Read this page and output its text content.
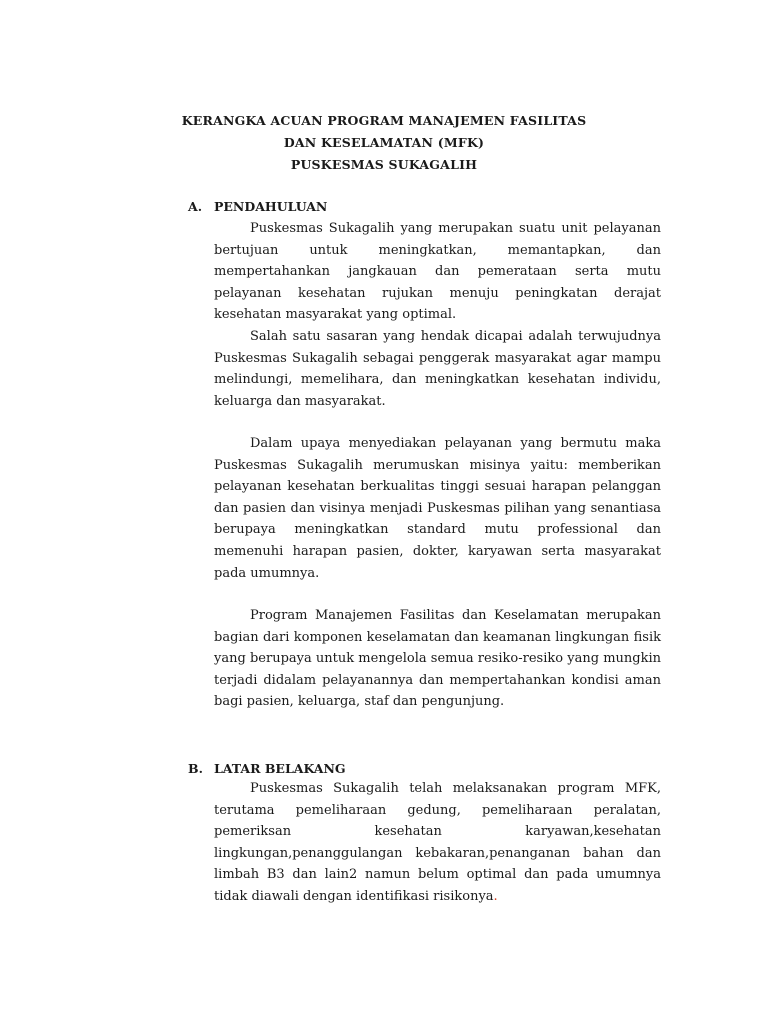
KERANGKA ACUAN PROGRAM MANAJEMEN FASILITAS
DAN KESELAMATAN (MFK)
PUSKESMAS SUKAGALIH
A. PENDAHULUAN

Puskesmas Sukagalih yang merupakan suatu unit pelayanan bertujuan untuk meningkatkan, memantapkan, dan mempertahankan jangkauan dan pemerataan serta mutu pelayanan kesehatan rujukan menuju peningkatan derajat kesehatan masyarakat yang optimal.

Salah satu sasaran yang hendak dicapai adalah terwujudnya Puskesmas Sukagalih sebagai penggerak masyarakat agar mampu melindungi, memelihara, dan meningkatkan kesehatan individu, keluarga dan masyarakat.

Dalam upaya menyediakan pelayanan yang bermutu maka Puskesmas Sukagalih merumuskan misinya yaitu: memberikan pelayanan kesehatan berkualitas tinggi sesuai harapan pelanggan dan pasien dan visinya menjadi Puskesmas pilihan yang senantiasa berupaya meningkatkan standard mutu professional dan memenuhi harapan pasien, dokter, karyawan serta masyarakat pada umumnya.

Program Manajemen Fasilitas dan Keselamatan merupakan bagian dari komponen keselamatan dan keamanan lingkungan fisik yang berupaya untuk mengelola semua resiko-resiko yang mungkin terjadi didalam pelayanannya dan mempertahankan kondisi aman bagi pasien, keluarga, staf dan pengunjung.

B. LATAR BELAKANG

Puskesmas Sukagalih telah melaksanakan program MFK, terutama pemeliharaan gedung, pemeliharaan peralatan, pemeriksan kesehatan karyawan,kesehatan lingkungan,penanggulangan kebakaran,penanganan bahan dan limbah B3 dan lain2 namun belum optimal dan pada umumnya tidak diawali dengan identifikasi risikonya.
